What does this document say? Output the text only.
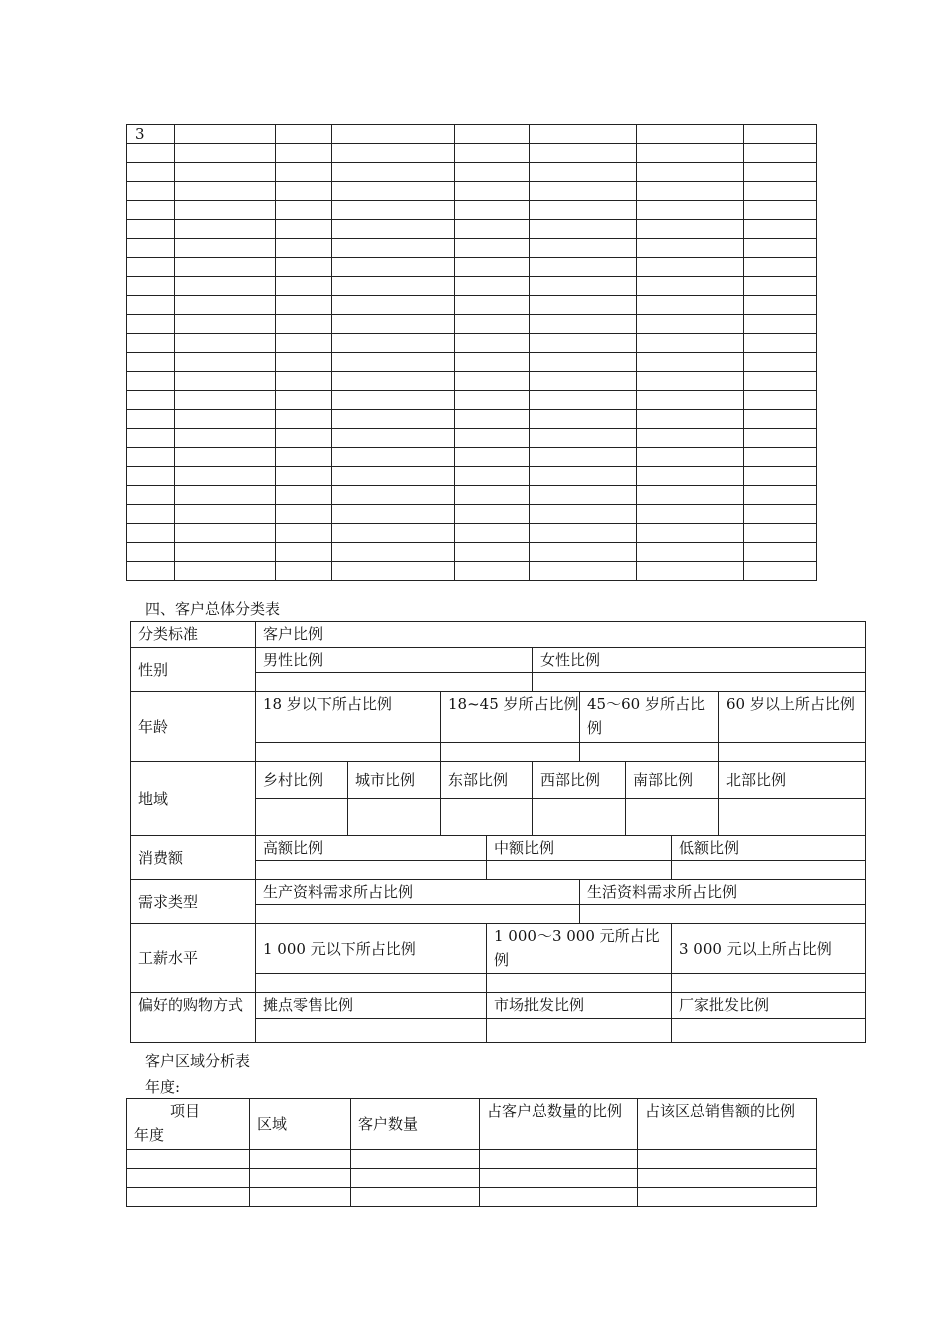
3							

四、客户总体分类表
分类标准	客户比例								
性别	男性比例				女性比例				

年龄	18 岁以下所占比例		18~45 岁所占比例			45～60 岁所占比例			60 岁以上所占比例

地域	乡村比例	城市比例	东部比例		西部比例		南部比例		北部比例

消费额	高额比例			中额比例				低额比例	

需求类型	生产资料需求所占比例					生活资料需求所占比例			

工薪水平	1 000 元以下所占比例			1 000～3 000 元所占比例				3 000 元以上所占比例	

偏好的购物方式	摊点零售比例			市场批发比例				厂家批发比例	

客户区域分析表
年度:
项目
年度	区域	客户数量	占客户总数量的比例	占该区总销售额的比例
